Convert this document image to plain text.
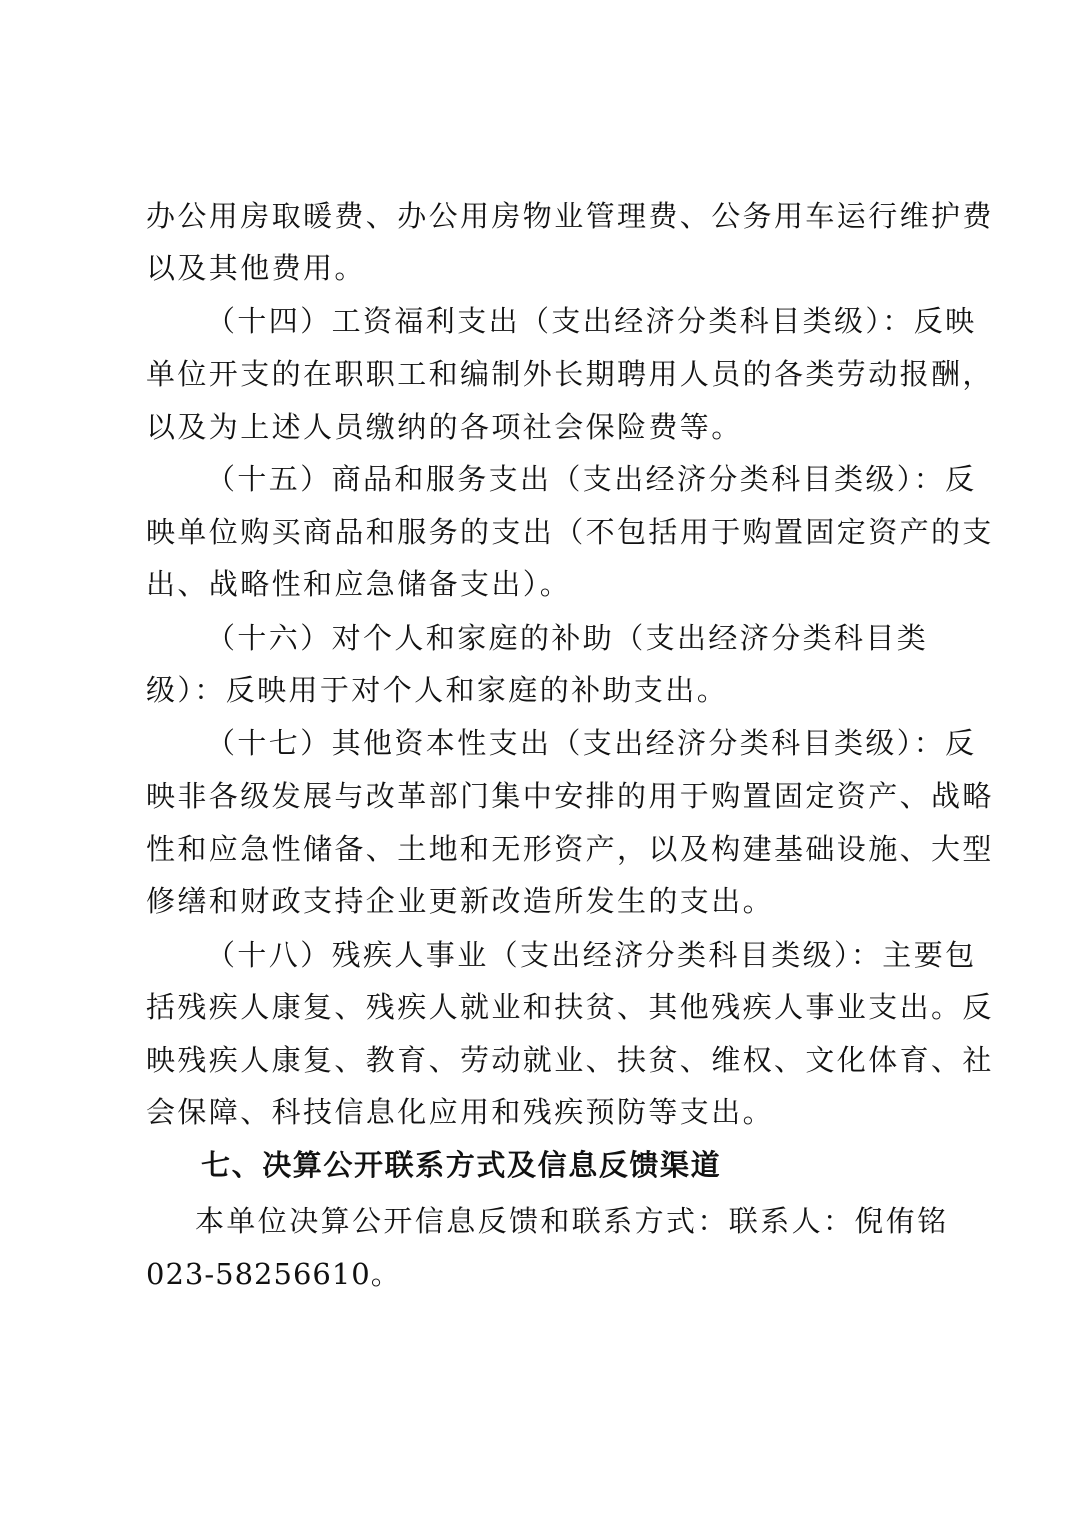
办公用房取暖费、办公用房物业管理费、公务用车运行维护费
以及其他费用。
（十四）工资福利支出（支出经济分类科目类级）：反映
单位开支的在职职工和编制外长期聘用人员的各类劳动报酬，
以及为上述人员缴纳的各项社会保险费等。
（十五）商品和服务支出（支出经济分类科目类级）：反
映单位购买商品和服务的支出（不包括用于购置固定资产的支
出、战略性和应急储备支出）。
（十六）对个人和家庭的补助（支出经济分类科目类
级）：反映用于对个人和家庭的补助支出。
（十七）其他资本性支出（支出经济分类科目类级）：反
映非各级发展与改革部门集中安排的用于购置固定资产、战略
性和应急性储备、土地和无形资产，以及构建基础设施、大型
修缮和财政支持企业更新改造所发生的支出。
（十八）残疾人事业（支出经济分类科目类级）：主要包
括残疾人康复、残疾人就业和扶贫、其他残疾人事业支出。反
映残疾人康复、教育、劳动就业、扶贫、维权、文化体育、社
会保障、科技信息化应用和残疾预防等支出。
七、决算公开联系方式及信息反馈渠道
本单位决算公开信息反馈和联系方式：联系人：倪侑铭
023-58256610。
